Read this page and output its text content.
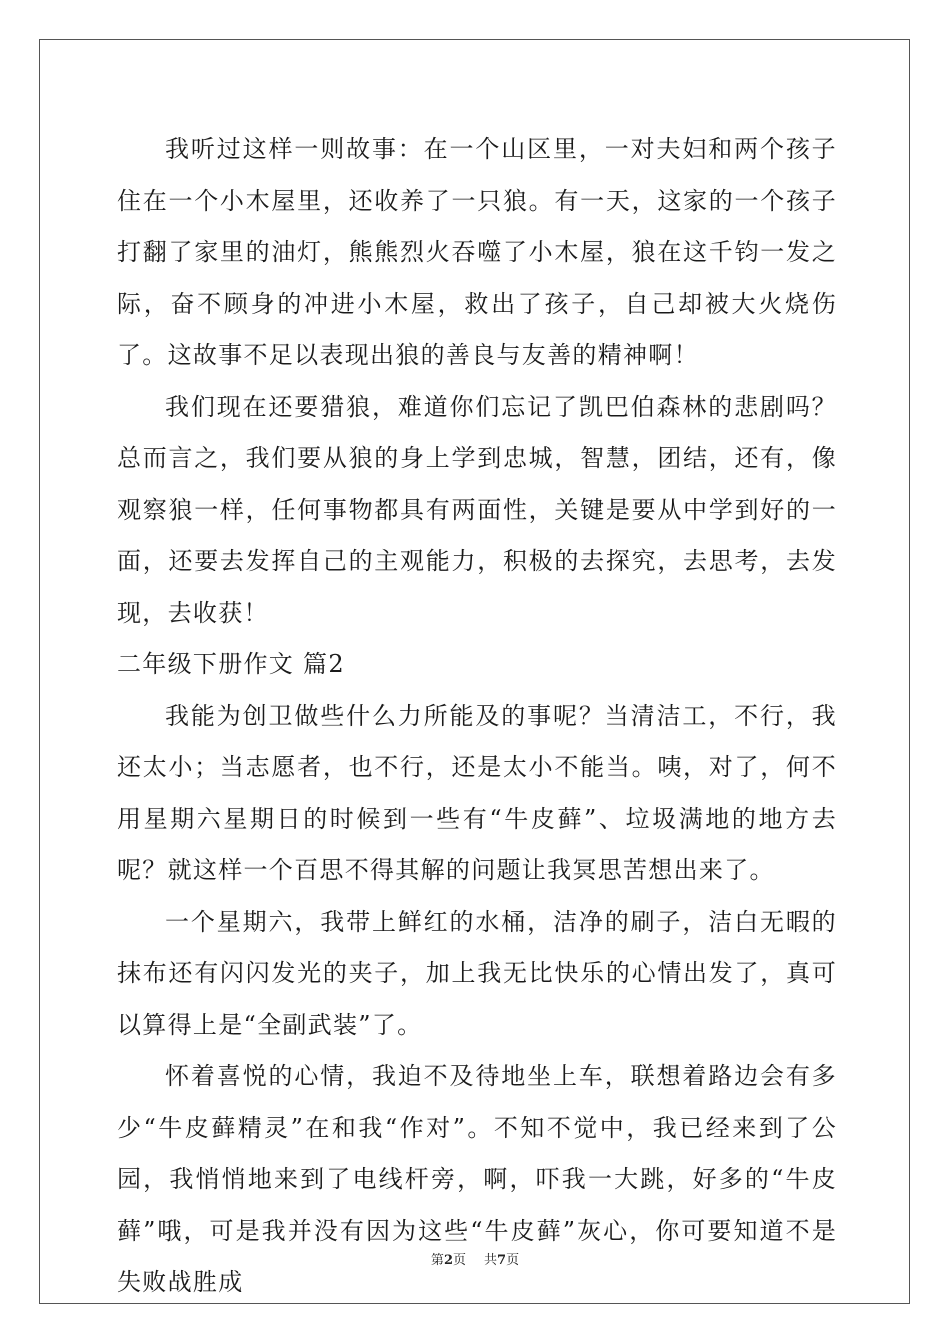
我听过这样一则故事：在一个山区里，一对夫妇和两个孩子住在一个小木屋里，还收养了一只狼。有一天，这家的一个孩子打翻了家里的油灯，熊熊烈火吞噬了小木屋，狼在这千钧一发之际，奋不顾身的冲进小木屋，救出了孩子，自己却被大火烧伤了。这故事不足以表现出狼的善良与友善的精神啊！

我们现在还要猎狼，难道你们忘记了凯巴伯森林的悲剧吗？总而言之，我们要从狼的身上学到忠城，智慧，团结，还有，像观察狼一样，任何事物都具有两面性，关键是要从中学到好的一面，还要去发挥自己的主观能力，积极的去探究，去思考，去发现，去收获！

二年级下册作文 篇2

我能为创卫做些什么力所能及的事呢？当清洁工，不行，我还太小；当志愿者，也不行，还是太小不能当。咦，对了，何不用星期六星期日的时候到一些有“牛皮藓”、垃圾满地的地方去呢？就这样一个百思不得其解的问题让我冥思苦想出来了。

一个星期六，我带上鲜红的水桶，洁净的刷子，洁白无暇的抹布还有闪闪发光的夹子，加上我无比快乐的心情出发了，真可以算得上是“全副武装”了。

怀着喜悦的心情，我迫不及待地坐上车，联想着路边会有多少“牛皮藓精灵”在和我“作对”。不知不觉中，我已经来到了公园，我悄悄地来到了电线杆旁，啊，吓我一大跳，好多的“牛皮藓”哦，可是我并没有因为这些“牛皮藓”灰心，你可要知道不是失败战胜成

第2页 共7页
